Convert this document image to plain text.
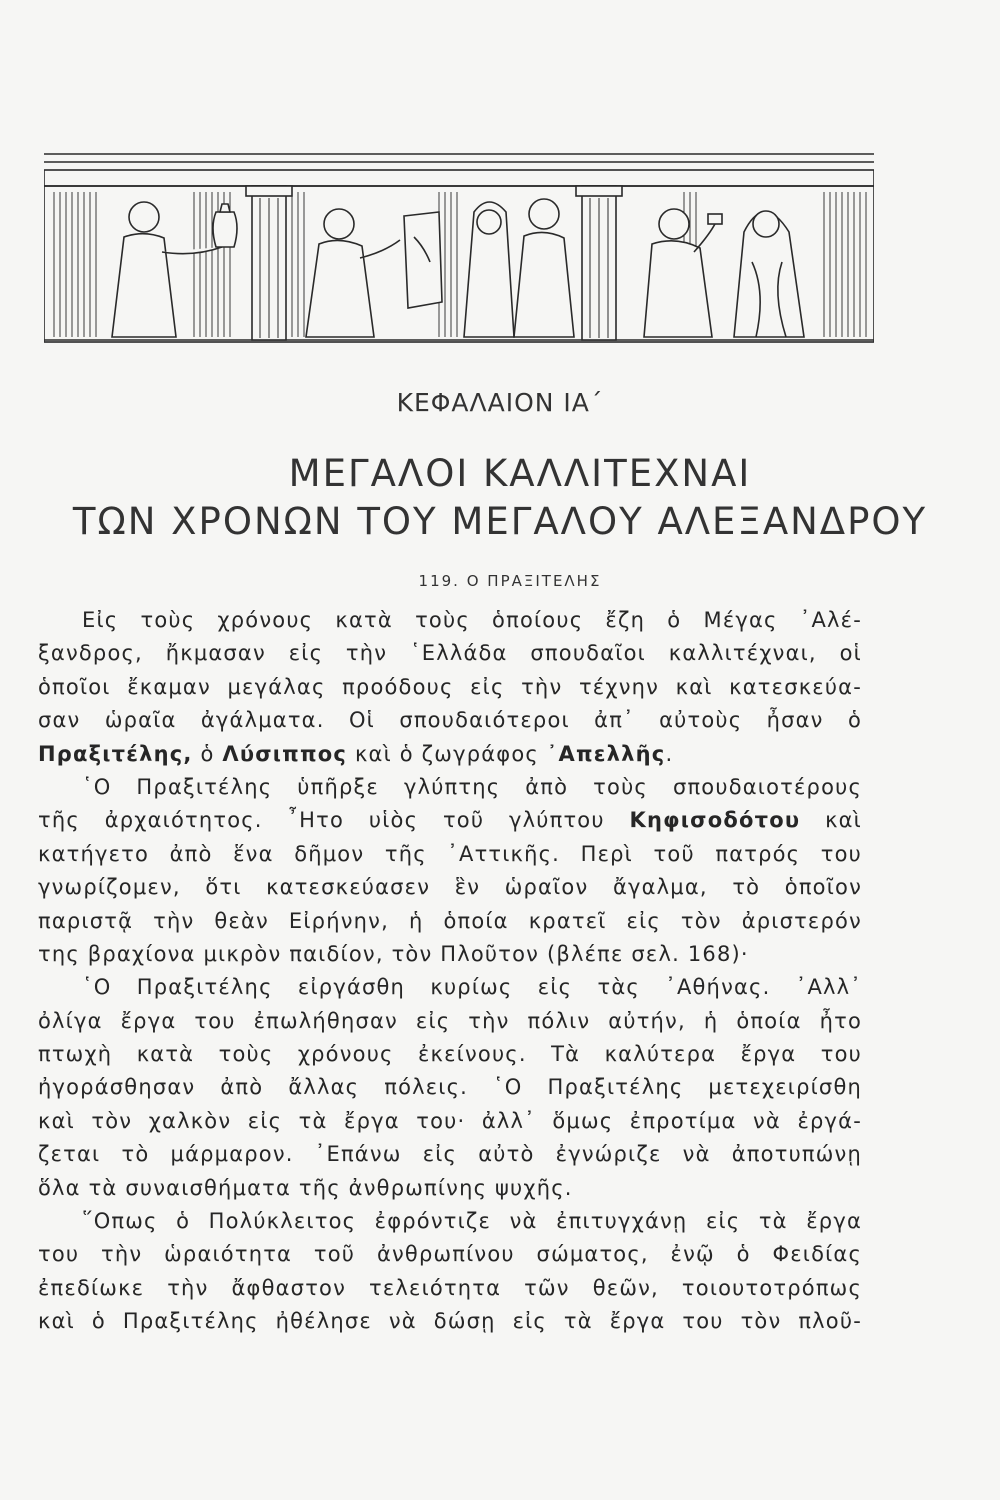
ΚΕΦΑΛΑΙΟΝ ΙΑ΄
ΜΕΓΑΛΟΙ ΚΑΛΛΙΤΕΧΝΑΙ
ΤΩΝ ΧΡΟΝΩΝ ΤΟΥ ΜΕΓΑΛΟΥ ΑΛΕΞΑΝΔΡΟΥ
119. Ο ΠΡΑΞΙΤΕΛΗΣ
Εἰς τοὺς χρόνους κατὰ τοὺς ὁποίους ἔζη ὁ Μέγας ᾿Αλέ-
ξανδρος, ἤκμασαν εἰς τὴν ῾Ελλάδα σπουδαῖοι καλλιτέχναι, οἱ
ὁποῖοι ἔκαμαν μεγάλας προόδους εἰς τὴν τέχνην καὶ κατεσκεύα-
σαν ὡραῖα ἀγάλματα. Οἱ σπουδαιότεροι ἀπ᾿ αὐτοὺς ἦσαν ὁ
Πραξιτέλης, ὁ Λύσιππος καὶ ὁ ζωγράφος ᾿Απελλῆς.
῾Ο Πραξιτέλης ὑπῆρξε γλύπτης ἀπὸ τοὺς σπουδαιοτέρους
τῆς ἀρχαιότητος. ῏Ητο υἱὸς τοῦ γλύπτου Κηφισοδότου καὶ
κατήγετο ἀπὸ ἕνα δῆμον τῆς ᾿Αττικῆς. Περὶ τοῦ πατρός του
γνωρίζομεν, ὅτι κατεσκεύασεν ἓν ὡραῖον ἄγαλμα, τὸ ὁποῖον
παριστᾷ τὴν θεὰν Εἰρήνην, ἡ ὁποία κρατεῖ εἰς τὸν ἀριστερόν
της βραχίονα μικρὸν παιδίον, τὸν Πλοῦτον (βλέπε σελ. 168)·
῾Ο Πραξιτέλης εἰργάσθη κυρίως εἰς τὰς ᾿Αθήνας. ᾿Αλλ᾿
ὀλίγα ἔργα του ἐπωλήθησαν εἰς τὴν πόλιν αὐτήν, ἡ ὁποία ἦτο
πτωχὴ κατὰ τοὺς χρόνους ἐκείνους. Τὰ καλύτερα ἔργα του
ἠγοράσθησαν ἀπὸ ἄλλας πόλεις. ῾Ο Πραξιτέλης μετεχειρίσθη
καὶ τὸν χαλκὸν εἰς τὰ ἔργα του· ἀλλ᾿ ὅμως ἐπροτίμα νὰ ἐργά-
ζεται τὸ μάρμαρον. ᾿Επάνω εἰς αὐτὸ ἐγνώριζε νὰ ἀποτυπώνῃ
ὅλα τὰ συναισθήματα τῆς ἀνθρωπίνης ψυχῆς.
῞Οπως ὁ Πολύκλειτος ἐφρόντιζε νὰ ἐπιτυγχάνῃ εἰς τὰ ἔργα
του τὴν ὡραιότητα τοῦ ἀνθρωπίνου σώματος, ἐνῷ ὁ Φειδίας
ἐπεδίωκε τὴν ἄφθαστον τελειότητα τῶν θεῶν, τοιουτοτρόπως
καὶ ὁ Πραξιτέλης ἠθέλησε νὰ δώσῃ εἰς τὰ ἔργα του τὸν πλοῦ-
